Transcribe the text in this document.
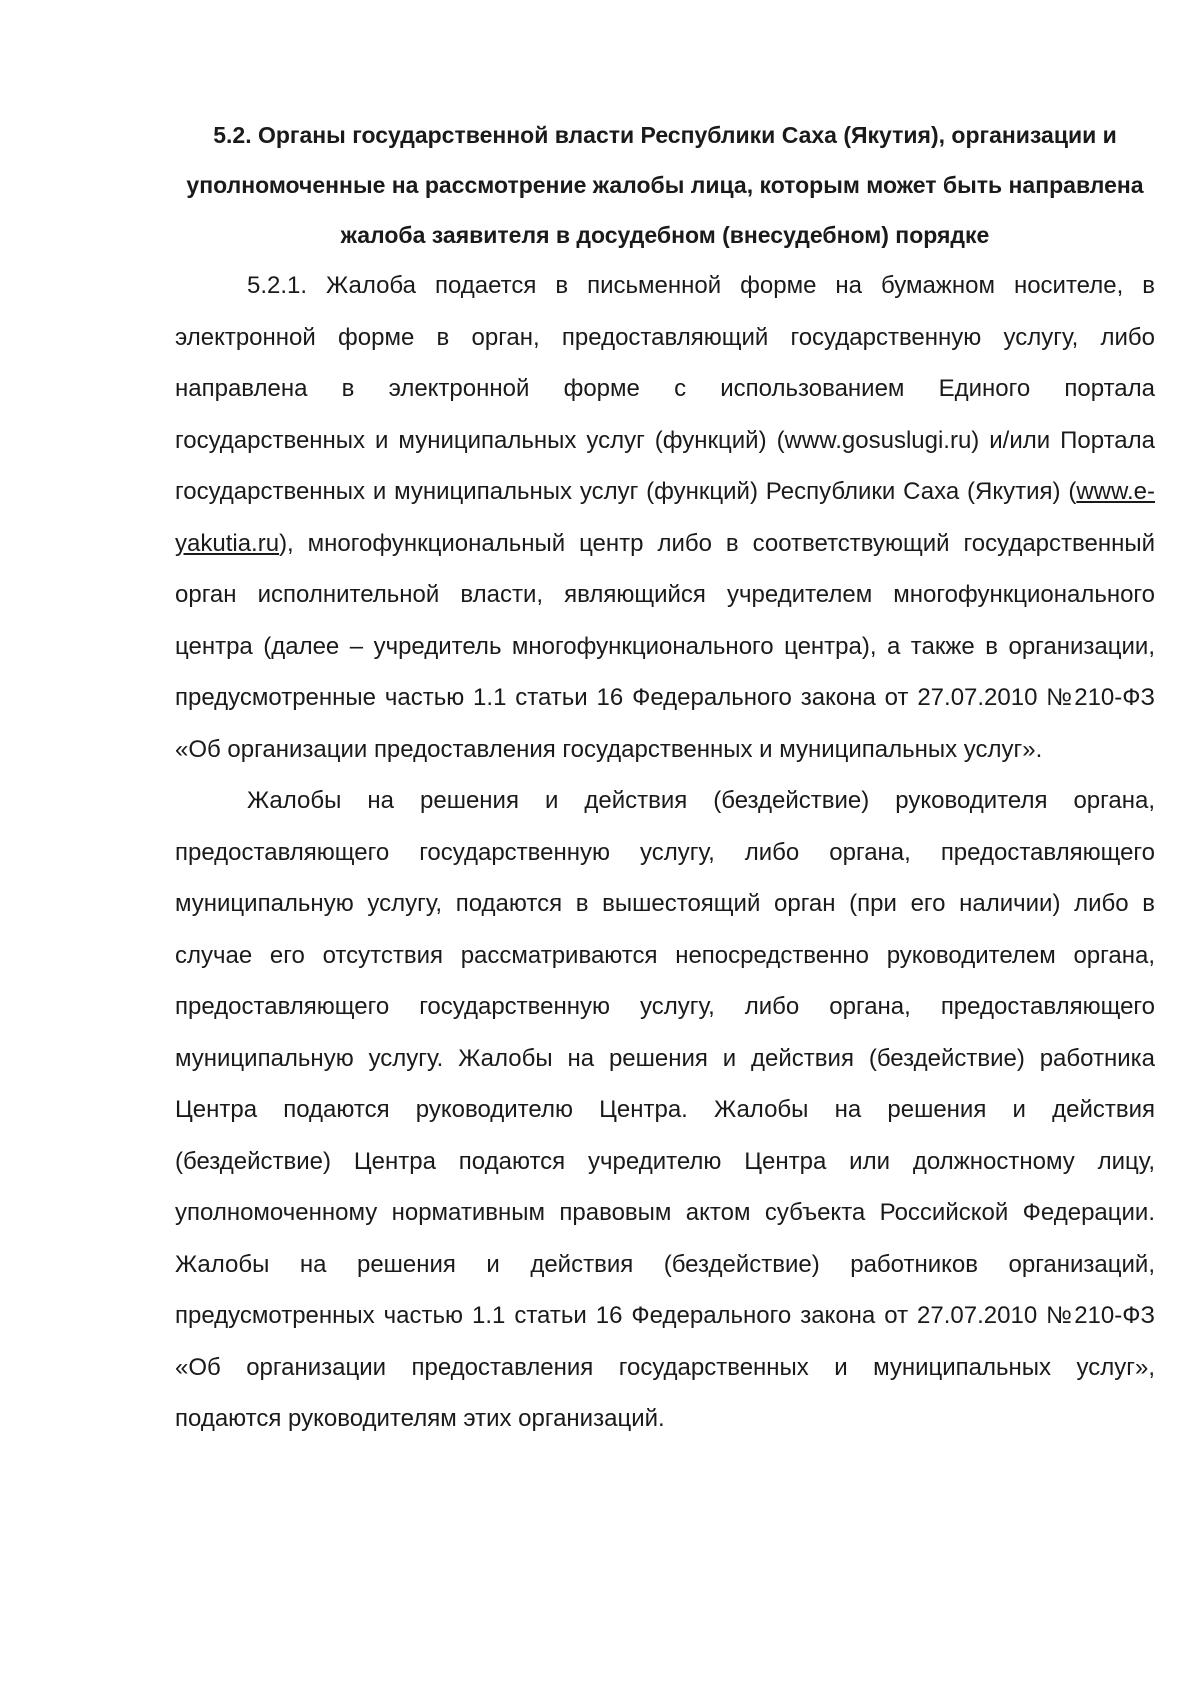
5.2. Органы государственной власти Республики Саха (Якутия), организации и уполномоченные на рассмотрение жалобы лица, которым может быть направлена жалоба заявителя в досудебном (внесудебном) порядке

5.2.1. Жалоба подается в письменной форме на бумажном носителе, в электронной форме в орган, предоставляющий государственную услугу, либо направлена в электронной форме с использованием Единого портала государственных и муниципальных услуг (функций) (www.gosuslugi.ru) и/или Портала государственных и муниципальных услуг (функций) Республики Саха (Якутия) (www.e-yakutia.ru), многофункциональный центр либо в соответствующий государственный орган исполнительной власти, являющийся учредителем многофункционального центра (далее – учредитель многофункционального центра), а также в организации, предусмотренные частью 1.1 статьи 16 Федерального закона от 27.07.2010 №210-ФЗ «Об организации предоставления государственных и муниципальных услуг».

Жалобы на решения и действия (бездействие) руководителя органа, предоставляющего государственную услугу, либо органа, предоставляющего муниципальную услугу, подаются в вышестоящий орган (при его наличии) либо в случае его отсутствия рассматриваются непосредственно руководителем органа, предоставляющего государственную услугу, либо органа, предоставляющего муниципальную услугу. Жалобы на решения и действия (бездействие) работника Центра подаются руководителю Центра. Жалобы на решения и действия (бездействие) Центра подаются учредителю Центра или должностному лицу, уполномоченному нормативным правовым актом субъекта Российской Федерации. Жалобы на решения и действия (бездействие) работников организаций, предусмотренных частью 1.1 статьи 16 Федерального закона от 27.07.2010 №210-ФЗ «Об организации предоставления государственных и муниципальных услуг», подаются руководителям этих организаций.
